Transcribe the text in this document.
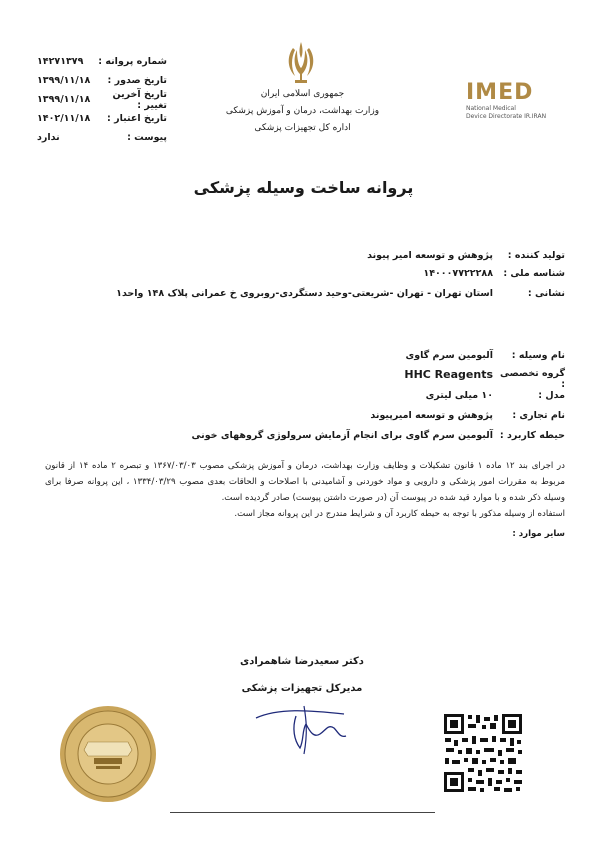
۱۴۲۷۱۳۷۹ شماره پروانه :
۱۳۹۹/۱۱/۱۸ تاریخ صدور :
۱۳۹۹/۱۱/۱۸	تاریخ آخرین تغییر :
۱۴۰۲/۱۱/۱۸ تاریخ اعتبار :
ندارد	پیوست :
جمهوری اسلامی ایران
وزارت بهداشت، درمان و آموزش پزشکی
اداره کل تجهیزات پزشکی
IMED
National Medical
Device Directorate IR.IRAN
پروانه ساخت وسیله پزشکی
تولید کننده :
پژوهش و توسعه امیر پیوند
شناسه ملی :
۱۴۰۰۰۷۷۲۲۲۸۸
نشانی :
استان تهران - تهران -شریعتی-وحید دستگردی-روبروی خ عمرانی پلاک ۱۴۸ واحد۱
نام وسیله :
آلبومین سرم گاوی
گروه تخصصی :
HHC Reagents
مدل :
۱۰ میلی لیتری
نام تجاری :
پژوهش و توسعه امیرپیوند
حیطه کاربرد :
آلبومین سرم گاوی برای انجام آزمایش سرولوژی گروههای خونی
در اجرای بند ۱۲ ماده ۱ قانون تشکیلات و وظایف وزارت بهداشت، درمان و آموزش پزشکی مصوب ۱۳۶۷/۰۳/۰۳ و تبصره ۲ ماده ۱۴ از قانون مربوط به مقررات امور پزشکی و دارویی و مواد خوردنی و آشامیدنی با اصلاحات و الحاقات بعدی مصوب ۱۳۳۴/۰۳/۲۹ ، این پروانه صرفا برای وسیله ذکر شده و با موارد قید شده در پیوست آن (در صورت داشتن پیوست) صادر گردیده است.
استفاده از وسیله مذکور با توجه به حیطه کاربرد آن و شرایط مندرج در این پروانه مجاز است.
سایر موارد :
دکتر سعیدرضا شاهمرادی
مدیرکل تجهیزات پزشکی
